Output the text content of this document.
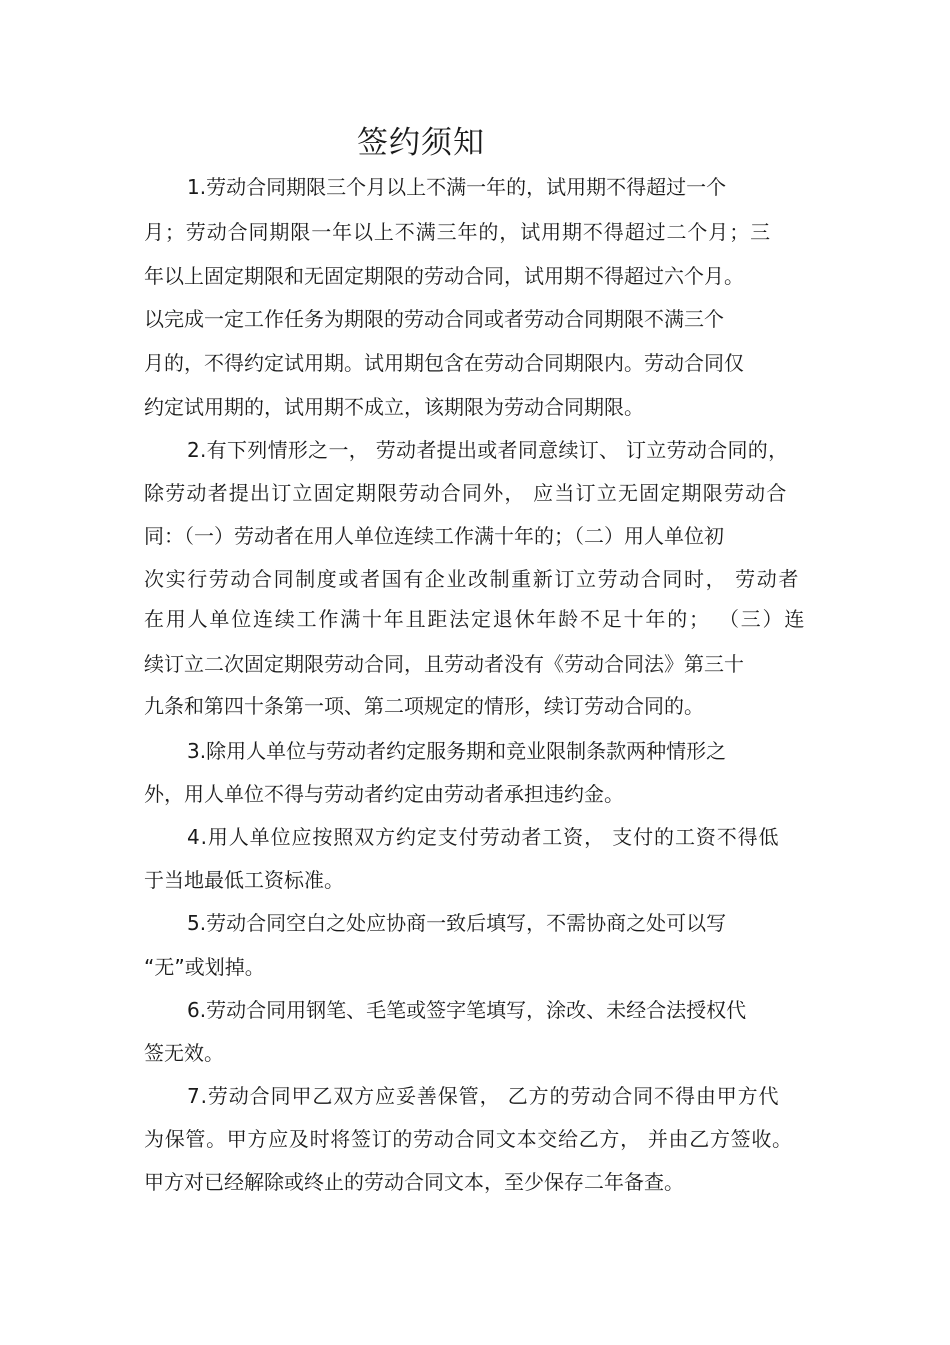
签约须知
1.劳动合同期限三个月以上不满一年的，试用期不得超过一个
月；劳动合同期限一年以上不满三年的，试用期不得超过二个月；三
年以上固定期限和无固定期限的劳动合同，试用期不得超过六个月。
以完成一定工作任务为期限的劳动合同或者劳动合同期限不满三个
月的，不得约定试用期。试用期包含在劳动合同期限内。劳动合同仅
约定试用期的，试用期不成立，该期限为劳动合同期限。
2.有下列情形之一， 劳动者提出或者同意续订、 订立劳动合同的，
除劳动者提出订立固定期限劳动合同外， 应当订立无固定期限劳动合
同：（一）劳动者在用人单位连续工作满十年的；（二）用人单位初
次实行劳动合同制度或者国有企业改制重新订立劳动合同时， 劳动者
在用人单位连续工作满十年且距法定退休年龄不足十年的； （三）连
续订立二次固定期限劳动合同，且劳动者没有《劳动合同法》第三十
九条和第四十条第一项、第二项规定的情形，续订劳动合同的。
3.除用人单位与劳动者约定服务期和竞业限制条款两种情形之
外，用人单位不得与劳动者约定由劳动者承担违约金。
4.用人单位应按照双方约定支付劳动者工资， 支付的工资不得低
于当地最低工资标准。
5.劳动合同空白之处应协商一致后填写，不需协商之处可以写
“无”或划掉。
6.劳动合同用钢笔、毛笔或签字笔填写，涂改、未经合法授权代
签无效。
7.劳动合同甲乙双方应妥善保管， 乙方的劳动合同不得由甲方代
为保管。甲方应及时将签订的劳动合同文本交给乙方， 并由乙方签收。
甲方对已经解除或终止的劳动合同文本，至少保存二年备查。
